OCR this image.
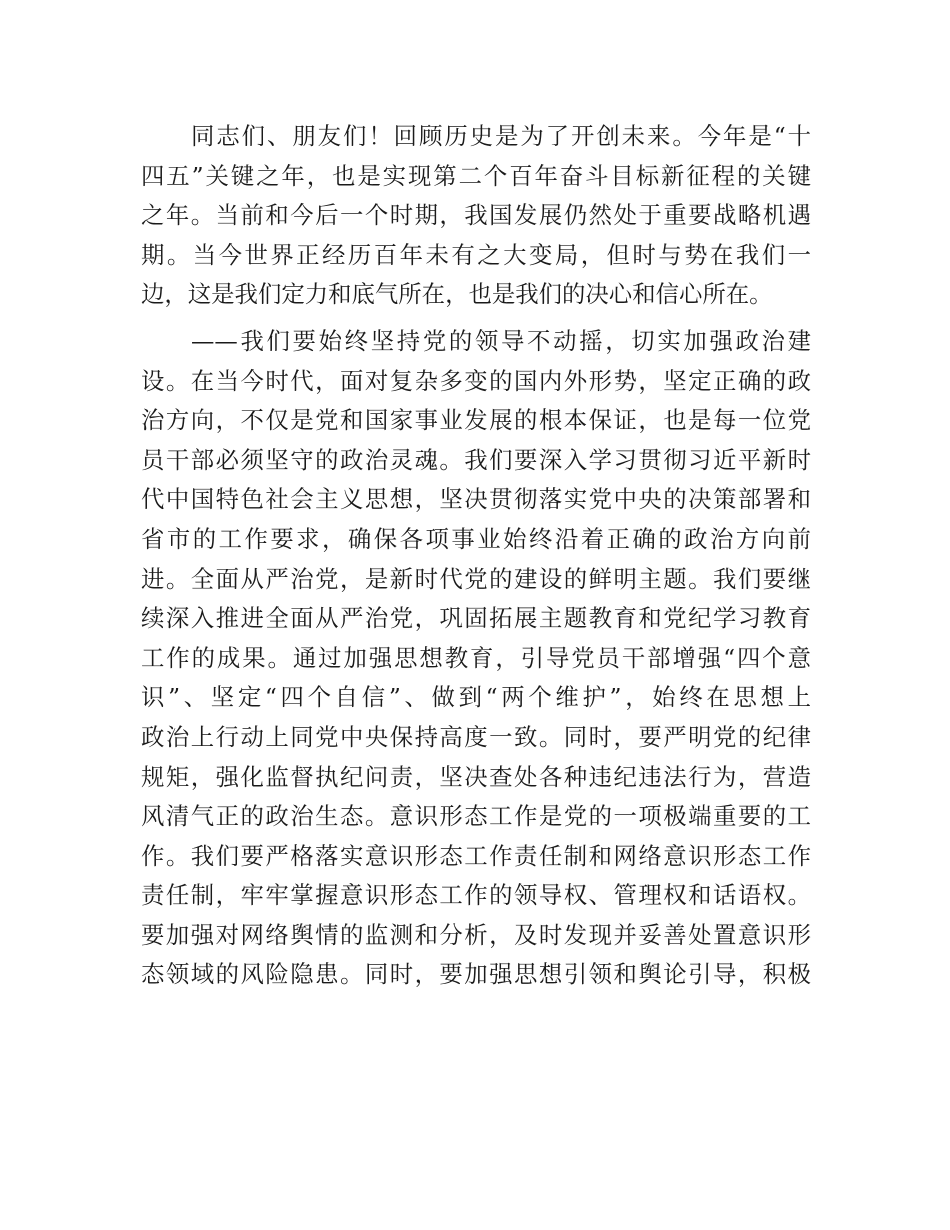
同志们、朋友们！回顾历史是为了开创未来。今年是“十
四五”关键之年，也是实现第二个百年奋斗目标新征程的关键
之年。当前和今后一个时期，我国发展仍然处于重要战略机遇
期。当今世界正经历百年未有之大变局，但时与势在我们一
边，这是我们定力和底气所在，也是我们的决心和信心所在。
——我们要始终坚持党的领导不动摇，切实加强政治建
设。在当今时代，面对复杂多变的国内外形势，坚定正确的政
治方向，不仅是党和国家事业发展的根本保证，也是每一位党
员干部必须坚守的政治灵魂。我们要深入学习贯彻习近平新时
代中国特色社会主义思想，坚决贯彻落实党中央的决策部署和
省市的工作要求，确保各项事业始终沿着正确的政治方向前
进。全面从严治党，是新时代党的建设的鲜明主题。我们要继
续深入推进全面从严治党，巩固拓展主题教育和党纪学习教育
工作的成果。通过加强思想教育，引导党员干部增强“四个意
识”、坚定“四个自信”、做到“两个维护”，始终在思想上
政治上行动上同党中央保持高度一致。同时，要严明党的纪律
规矩，强化监督执纪问责，坚决查处各种违纪违法行为，营造
风清气正的政治生态。意识形态工作是党的一项极端重要的工
作。我们要严格落实意识形态工作责任制和网络意识形态工作
责任制，牢牢掌握意识形态工作的领导权、管理权和话语权。
要加强对网络舆情的监测和分析，及时发现并妥善处置意识形
态领域的风险隐患。同时，要加强思想引领和舆论引导，积极
